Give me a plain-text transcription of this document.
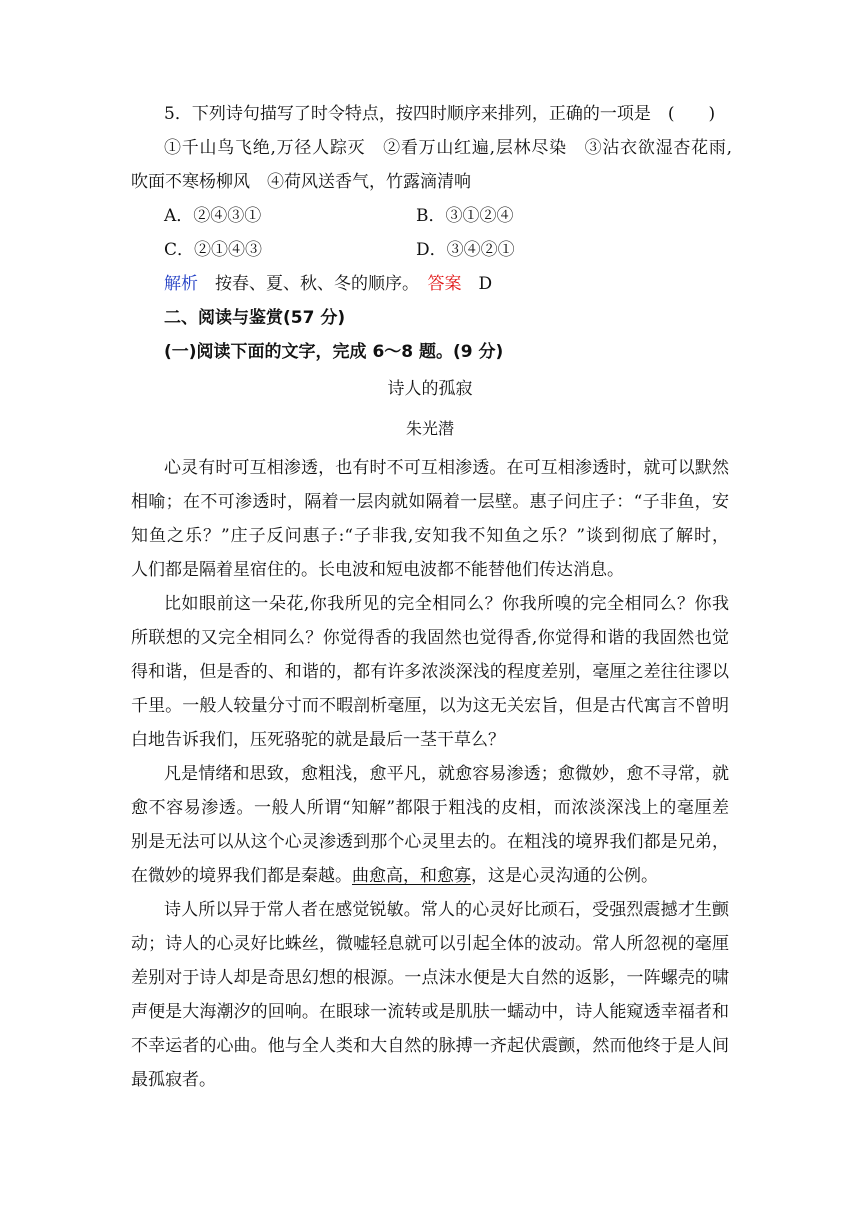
5．下列诗句描写了时令特点，按四时顺序来排列，正确的一项是　(　　)
①千山鸟飞绝,万径人踪灭　②看万山红遍,层林尽染　③沾衣欲湿杏花雨,
吹面不寒杨柳风　④荷风送香气，竹露滴清响
A．②④③①	B．③①②④
C．②①④③	D．③④②①
解析　 按春、夏、秋、冬的顺序。　 答案　 D
二、阅读与鉴赏(57 分)
(一)阅读下面的文字，完成 6～8 题。(9 分)
诗人的孤寂
朱光潜
心灵有时可互相渗透，也有时不可互相渗透。在可互相渗透时，就可以默然
相喻；在不可渗透时，隔着一层肉就如隔着一层壁。惠子问庄子：“子非鱼，安
知鱼之乐？”庄子反问惠子:“子非我,安知我不知鱼之乐？”谈到彻底了解时，
人们都是隔着星宿住的。长电波和短电波都不能替他们传达消息。
比如眼前这一朵花,你我所见的完全相同么？你我所嗅的完全相同么？你我
所联想的又完全相同么？你觉得香的我固然也觉得香,你觉得和谐的我固然也觉
得和谐，但是香的、和谐的，都有许多浓淡深浅的程度差别，毫厘之差往往谬以
千里。一般人较量分寸而不暇剖析毫厘，以为这无关宏旨，但是古代寓言不曾明
白地告诉我们，压死骆驼的就是最后一茎干草么？
凡是情绪和思致，愈粗浅，愈平凡，就愈容易渗透；愈微妙，愈不寻常，就
愈不容易渗透。一般人所谓“知解”都限于粗浅的皮相，而浓淡深浅上的毫厘差
别是无法可以从这个心灵渗透到那个心灵里去的。在粗浅的境界我们都是兄弟，
在微妙的境界我们都是秦越。曲愈高，和愈寡，这是心灵沟通的公例。
诗人所以异于常人者在感觉锐敏。常人的心灵好比顽石，受强烈震撼才生颤
动；诗人的心灵好比蛛丝，微嘘轻息就可以引起全体的波动。常人所忽视的毫厘
差别对于诗人却是奇思幻想的根源。一点沫水便是大自然的返影，一阵螺壳的啸
声便是大海潮汐的回响。在眼球一流转或是肌肤一蠕动中，诗人能窥透幸福者和
不幸运者的心曲。他与全人类和大自然的脉搏一齐起伏震颤，然而他终于是人间
最孤寂者。
